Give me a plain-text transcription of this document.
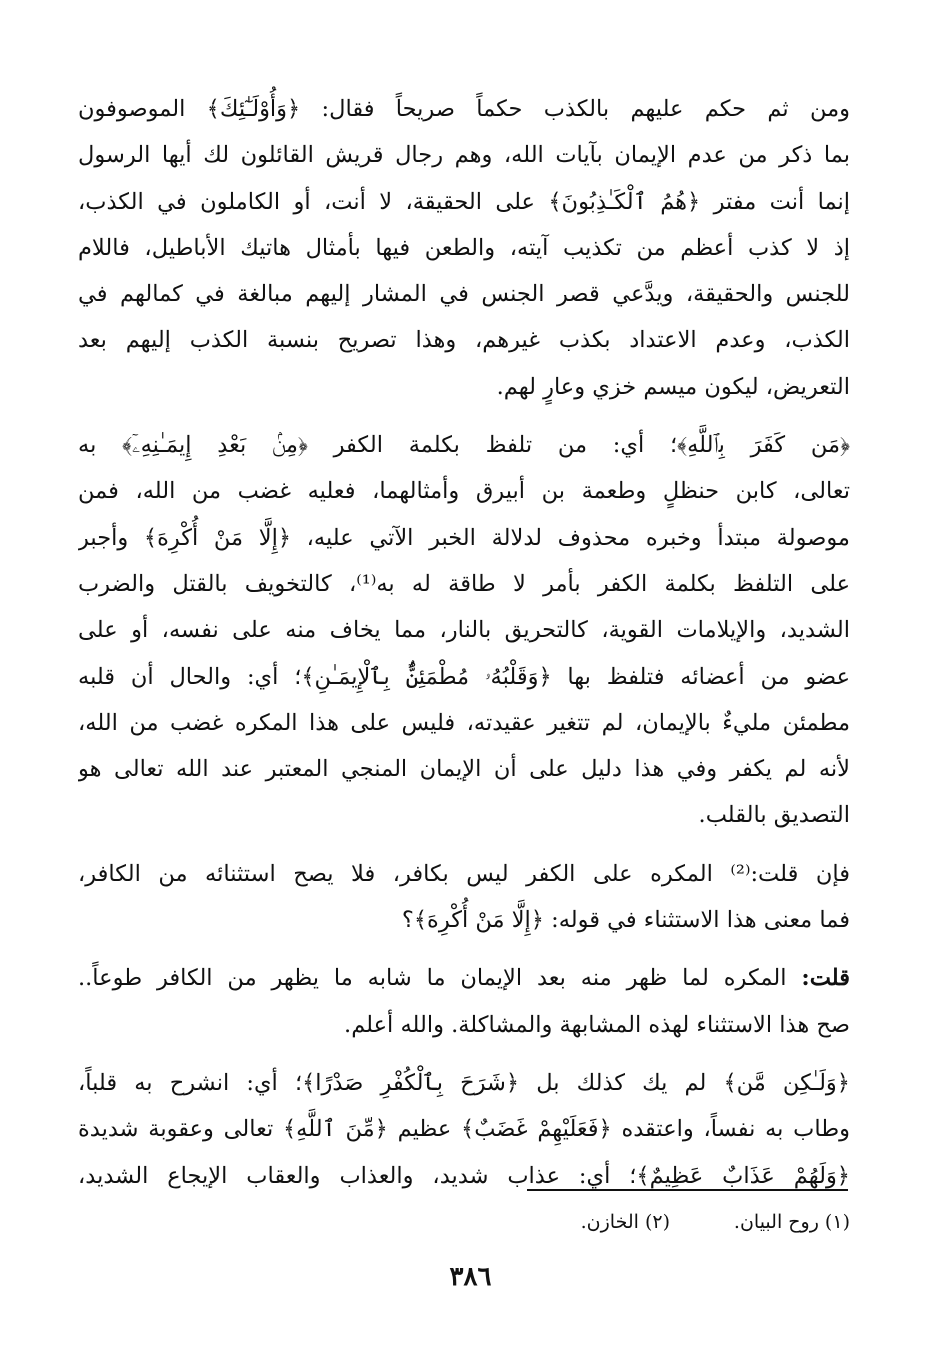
ومن ثم حكم عليهم بالكذب حكماً صريحاً فقال: ﴿وَأُوْلَـٰٓئِكَ﴾ الموصوفون
بما ذكر من عدم الإيمان بآيات الله، وهم رجال قريش القائلون لك أيها الرسول
إنما أنت مفتر ﴿هُمُ ٱلْكَـٰذِبُونَ﴾ على الحقيقة، لا أنت، أو الكاملون في الكذب،
إذ لا كذب أعظم من تكذيب آيته، والطعن فيها بأمثال هاتيك الأباطيل، فاللام
للجنس والحقيقة، ويدَّعي قصر الجنس في المشار إليهم مبالغة في كمالهم في
الكذب، وعدم الاعتداد بكذب غيرهم، وهذا تصريح بنسبة الكذب إليهم بعد
التعريض، ليكون ميسم خزي وعارٍ لهم.
﴿مَن كَفَرَ بِٱللَّهِ﴾؛ أي: من تلفظ بكلمة الكفر ﴿مِنۢ بَعْدِ إِيمَـٰنِهِۦٓ﴾ به
تعالى، كابن حنظلٍ وطعمة بن أبيرق وأمثالهما، فعليه غضب من الله، فمن
موصولة مبتدأ وخبره محذوف لدلالة الخبر الآتي عليه، ﴿إِلَّا مَنْ أُكْرِهَ﴾ وأجبر
على التلفظ بكلمة الكفر بأمر لا طاقة له به⁽¹⁾، كالتخويف بالقتل والضرب
الشديد، والإيلامات القوية، كالتحريق بالنار، مما يخاف منه على نفسه، أو على
عضو من أعضائه فتلفظ بها ﴿وَقَلْبُهُۥ مُطْمَئِنٌّۢ بِٱلْإِيمَـٰنِ﴾؛ أي: والحال أن قلبه
مطمئن مليءٌ بالإيمان، لم تتغير عقيدته، فليس على هذا المكره غضب من الله،
لأنه لم يكفر وفي هذا دليل على أن الإيمان المنجي المعتبر عند الله تعالى هو
التصديق بالقلب.
فإن قلت:⁽²⁾ المكره على الكفر ليس بكافر، فلا يصح استثنائه من الكافر،
فما معنى هذا الاستثناء في قوله: ﴿إِلَّا مَنْ أُكْرِهَ﴾؟
قلت: المكره لما ظهر منه بعد الإيمان ما شابه ما يظهر من الكافر طوعاً..
صح هذا الاستثناء لهذه المشابهة والمشاكلة. والله أعلم.
﴿وَلَـٰكِن مَّن﴾ لم يك كذلك بل ﴿شَرَحَ بِٱلْكُفْرِ صَدْرًا﴾؛ أي: انشرح به قلباً،
وطاب به نفساً، واعتقده ﴿فَعَلَيْهِمْ غَضَبٌ﴾ عظيم ﴿مِّنَ ٱللَّهِ﴾ تعالى وعقوبة شديدة
﴿وَلَهُمْ عَذَابٌ عَظِيمٌ﴾؛ أي: عذاب شديد، والعذاب والعقاب الإيجاع الشديد،
(١) روح البيان.
(٢) الخازن.
٣٨٦
